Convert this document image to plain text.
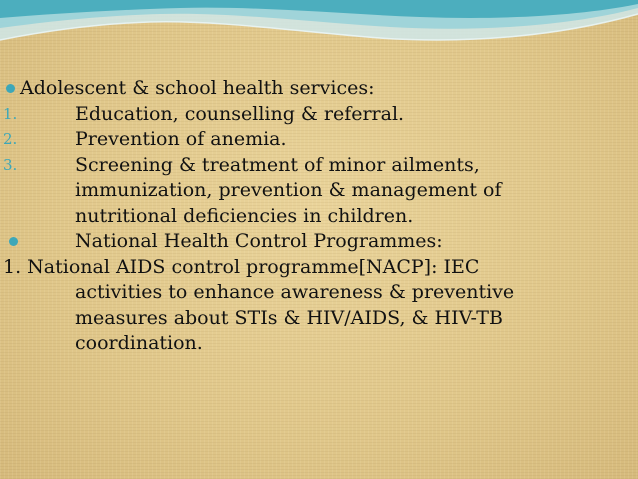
Adolescent & school health services:
1.	Education, counselling & referral.
2.	Prevention of anemia.
3.	Screening & treatment of minor ailments,
immunization, prevention & management of
nutritional deficiencies in children.
National Health Control Programmes:
1. National AIDS control programme[NACP]: IEC
activities to enhance awareness & preventive
measures about STIs & HIV/AIDS, & HIV-TB
coordination.
